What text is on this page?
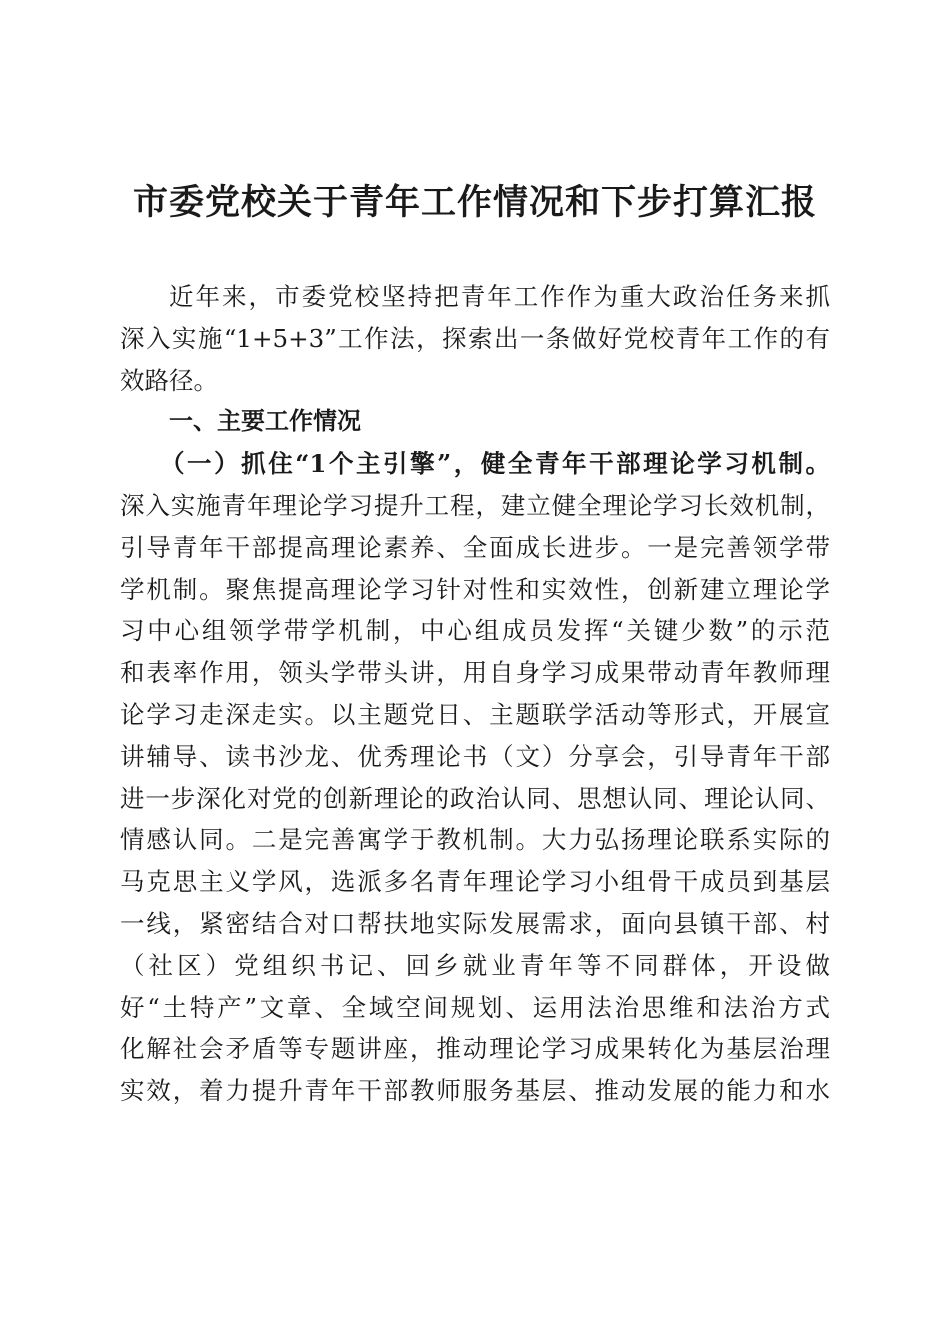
市委党校关于青年工作情况和下步打算汇报
近年来，市委党校坚持把青年工作作为重大政治任务来抓
深入实施“1+5+3”工作法，探索出一条做好党校青年工作的有
效路径。
一、主要工作情况
（一）抓住“1个主引擎”，健全青年干部理论学习机制。
深入实施青年理论学习提升工程，建立健全理论学习长效机制，
引导青年干部提高理论素养、全面成长进步。一是完善领学带
学机制。聚焦提高理论学习针对性和实效性，创新建立理论学
习中心组领学带学机制，中心组成员发挥“关键少数”的示范
和表率作用，领头学带头讲，用自身学习成果带动青年教师理
论学习走深走实。以主题党日、主题联学活动等形式，开展宣
讲辅导、读书沙龙、优秀理论书（文）分享会，引导青年干部
进一步深化对党的创新理论的政治认同、思想认同、理论认同、
情感认同。二是完善寓学于教机制。大力弘扬理论联系实际的
马克思主义学风，选派多名青年理论学习小组骨干成员到基层
一线，紧密结合对口帮扶地实际发展需求，面向县镇干部、村
（社区）党组织书记、回乡就业青年等不同群体，开设做
好“土特产”文章、全域空间规划、运用法治思维和法治方式
化解社会矛盾等专题讲座，推动理论学习成果转化为基层治理
实效，着力提升青年干部教师服务基层、推动发展的能力和水
